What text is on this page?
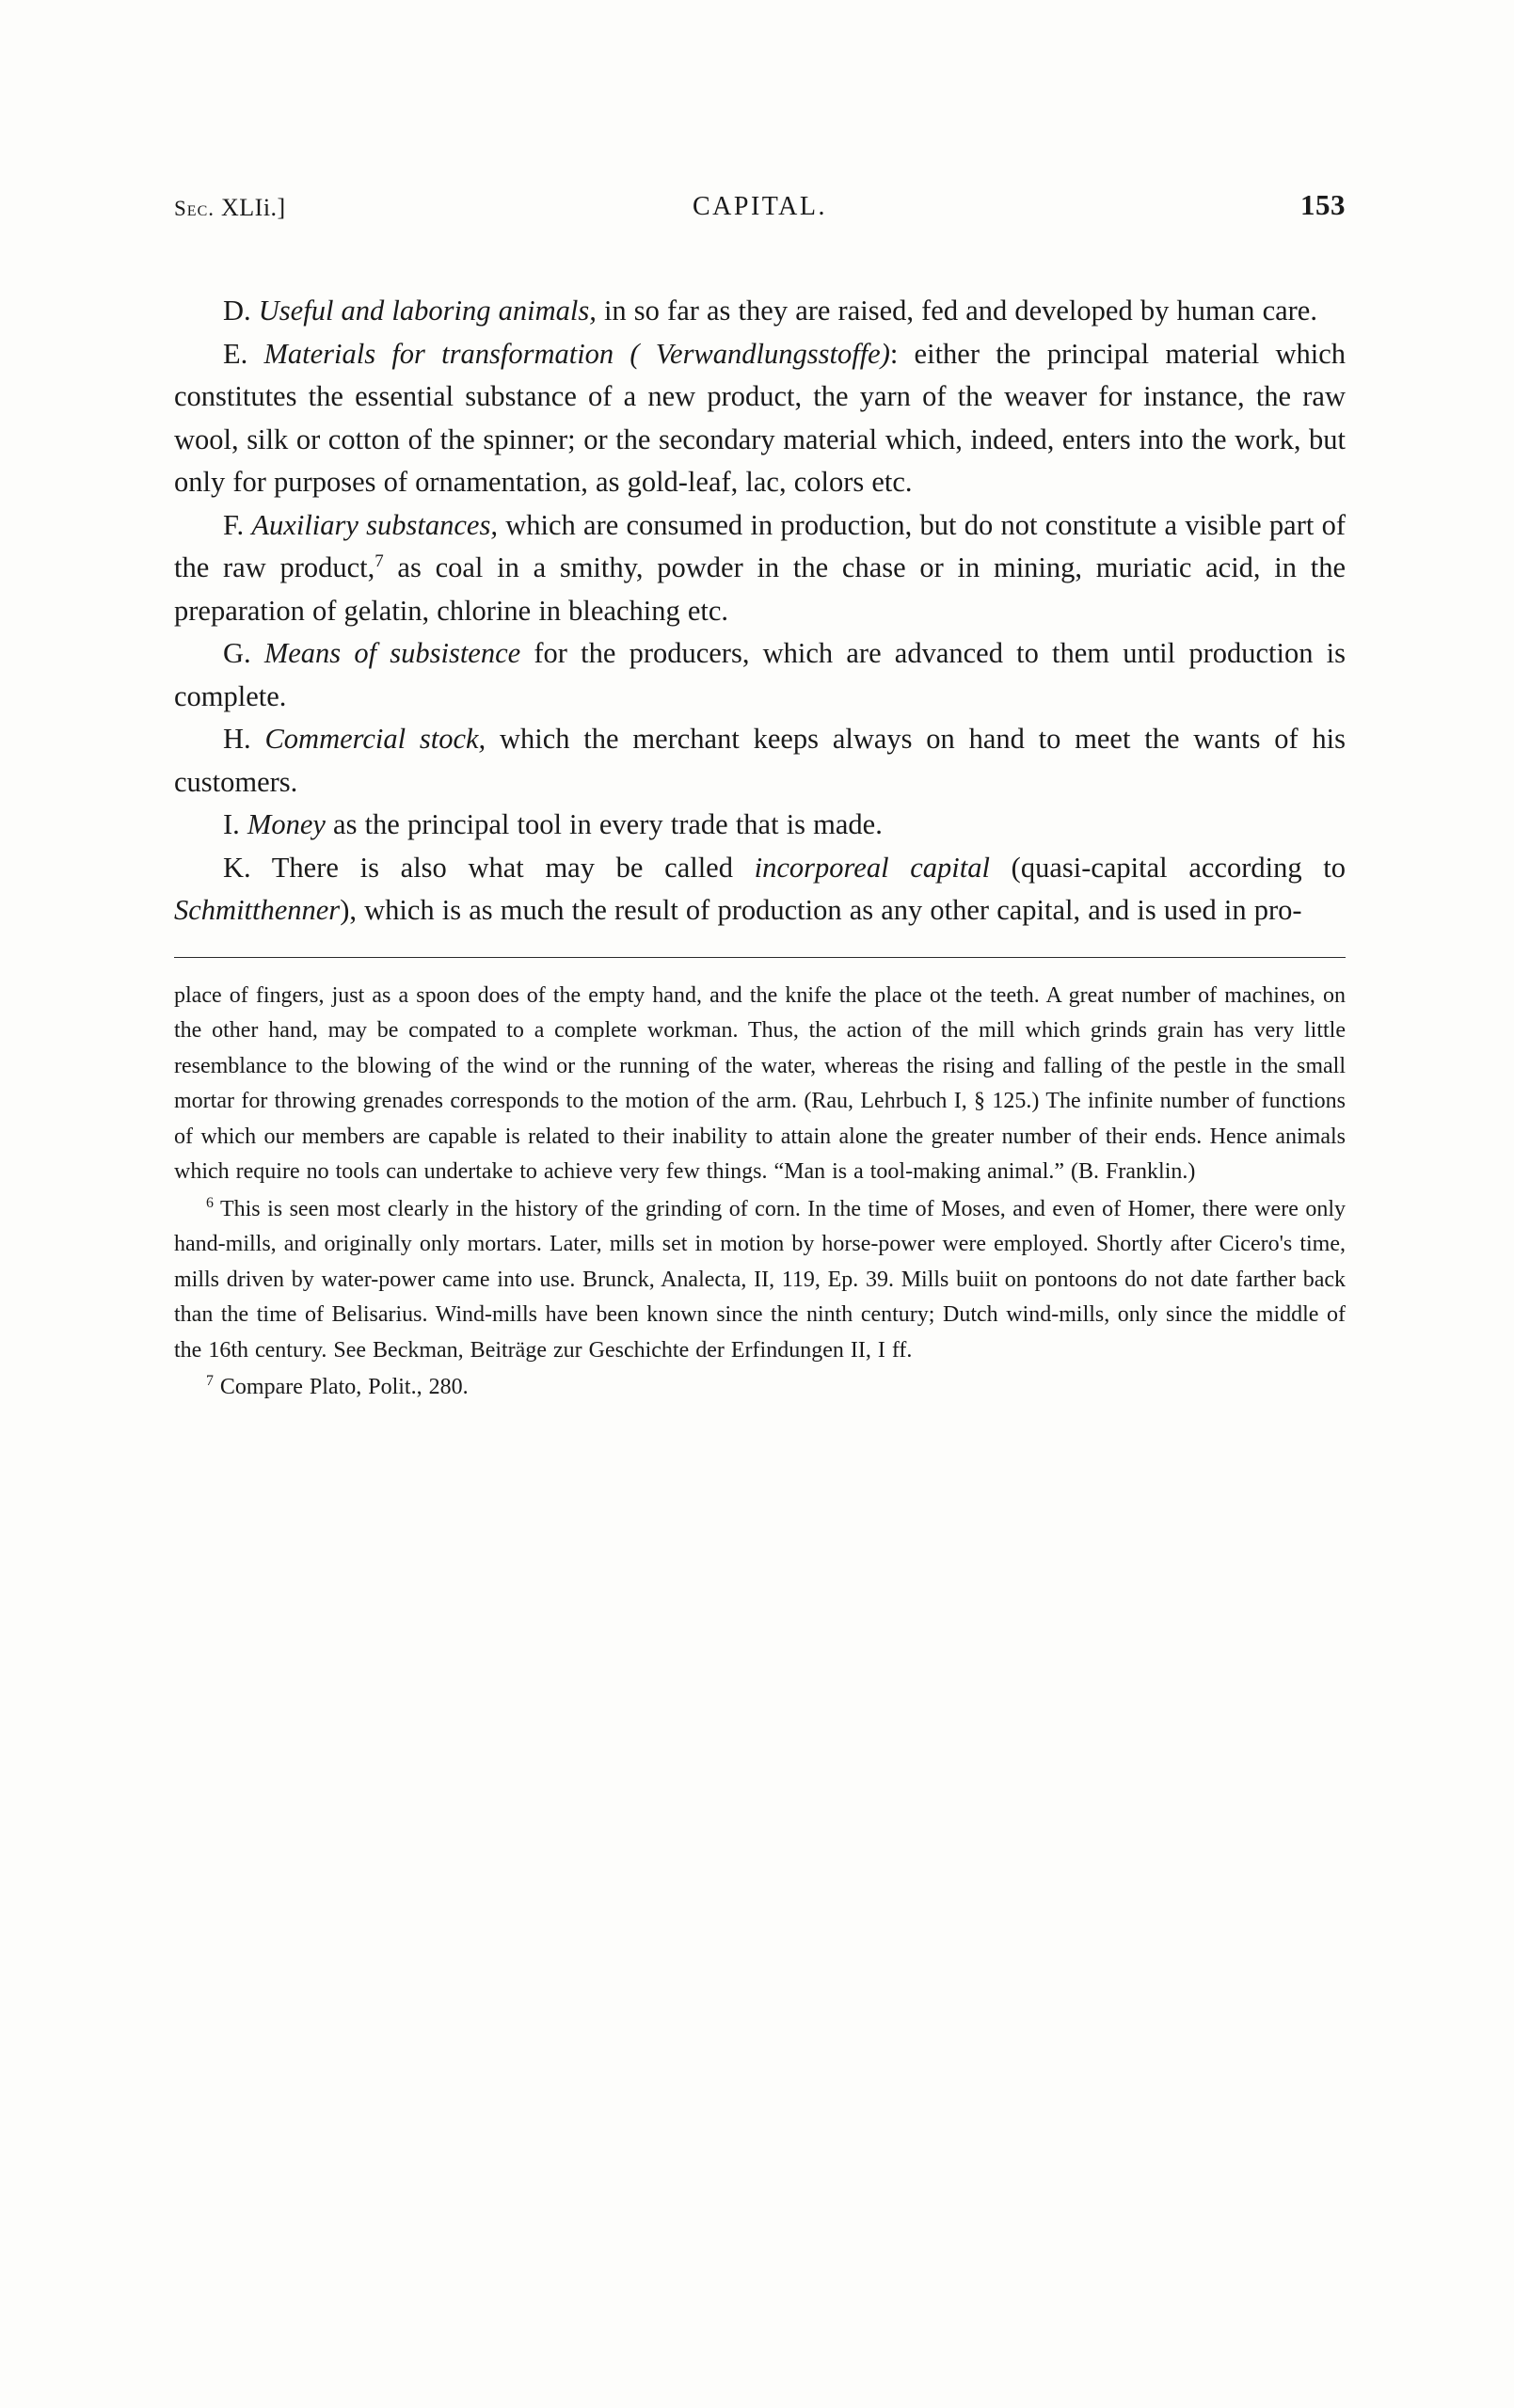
Sec. XLIi.]	CAPITAL.	153

D. Useful and laboring animals, in so far as they are raised, fed and developed by human care.

E. Materials for transformation ( Verwandlungsstoffe): either the principal material which constitutes the essential substance of a new product, the yarn of the weaver for instance, the raw wool, silk or cotton of the spinner; or the secondary material which, indeed, enters into the work, but only for purposes of ornamentation, as gold-leaf, lac, colors etc.

F. Auxiliary substances, which are consumed in production, but do not constitute a visible part of the raw product,$^7$ as coal in a smithy, powder in the chase or in mining, muriatic acid, in the preparation of gelatin, chlorine in bleaching etc.

G. Means of subsistence for the producers, which are advanced to them until production is complete.

H. Commercial stock, which the merchant keeps always on hand to meet the wants of his customers.

I. Money as the principal tool in every trade that is made.

K. There is also what may be called incorporeal capital (quasi-capital according to Schmitthenner), which is as much the result of production as any other capital, and is used in pro-

place of fingers, just as a spoon does of the empty hand, and the knife the place ot the teeth. A great number of machines, on the other hand, may be compated to a complete workman. Thus, the action of the mill which grinds grain has very little resemblance to the blowing of the wind or the running of the water, whereas the rising and falling of the pestle in the small mortar for throwing grenades corresponds to the motion of the arm. (Rau, Lehrbuch I, § 125.) The infinite number of functions of which our members are capable is related to their inability to attain alone the greater number of their ends. Hence animals which require no tools can undertake to achieve very few things. “Man is a tool-making animal.” (B. Franklin.)

$^6$ This is seen most clearly in the history of the grinding of corn. In the time of Moses, and even of Homer, there were only hand-mills, and originally only mortars. Later, mills set in motion by horse-power were employed. Shortly after Cicero's time, mills driven by water-power came into use. Brunck, Analecta, II, 119, Ep. 39. Mills buiit on pontoons do not date farther back than the time of Belisarius. Wind-mills have been known since the ninth century; Dutch wind-mills, only since the middle of the 16th century. See Beckman, Beiträge zur Geschichte der Erfindungen II, I ff.

$^7$ Compare Plato, Polit., 280.
